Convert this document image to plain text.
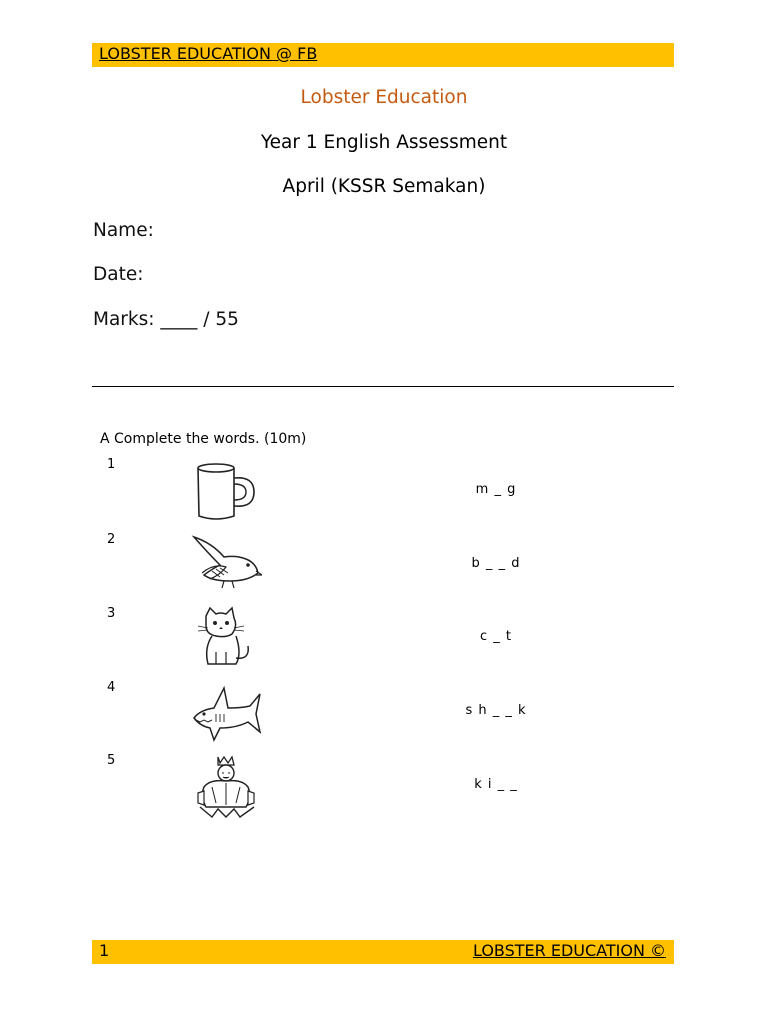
LOBSTER EDUCATION @ FB
Lobster Education
Year 1 English Assessment
April (KSSR Semakan)
Name:
Date:
Marks: ____ / 55
A Complete the words. (10m)
1
m _ g
2
b _ _ d
3
c _ t
4
s h _ _ k
5
k i _ _
1	LOBSTER EDUCATION ©
